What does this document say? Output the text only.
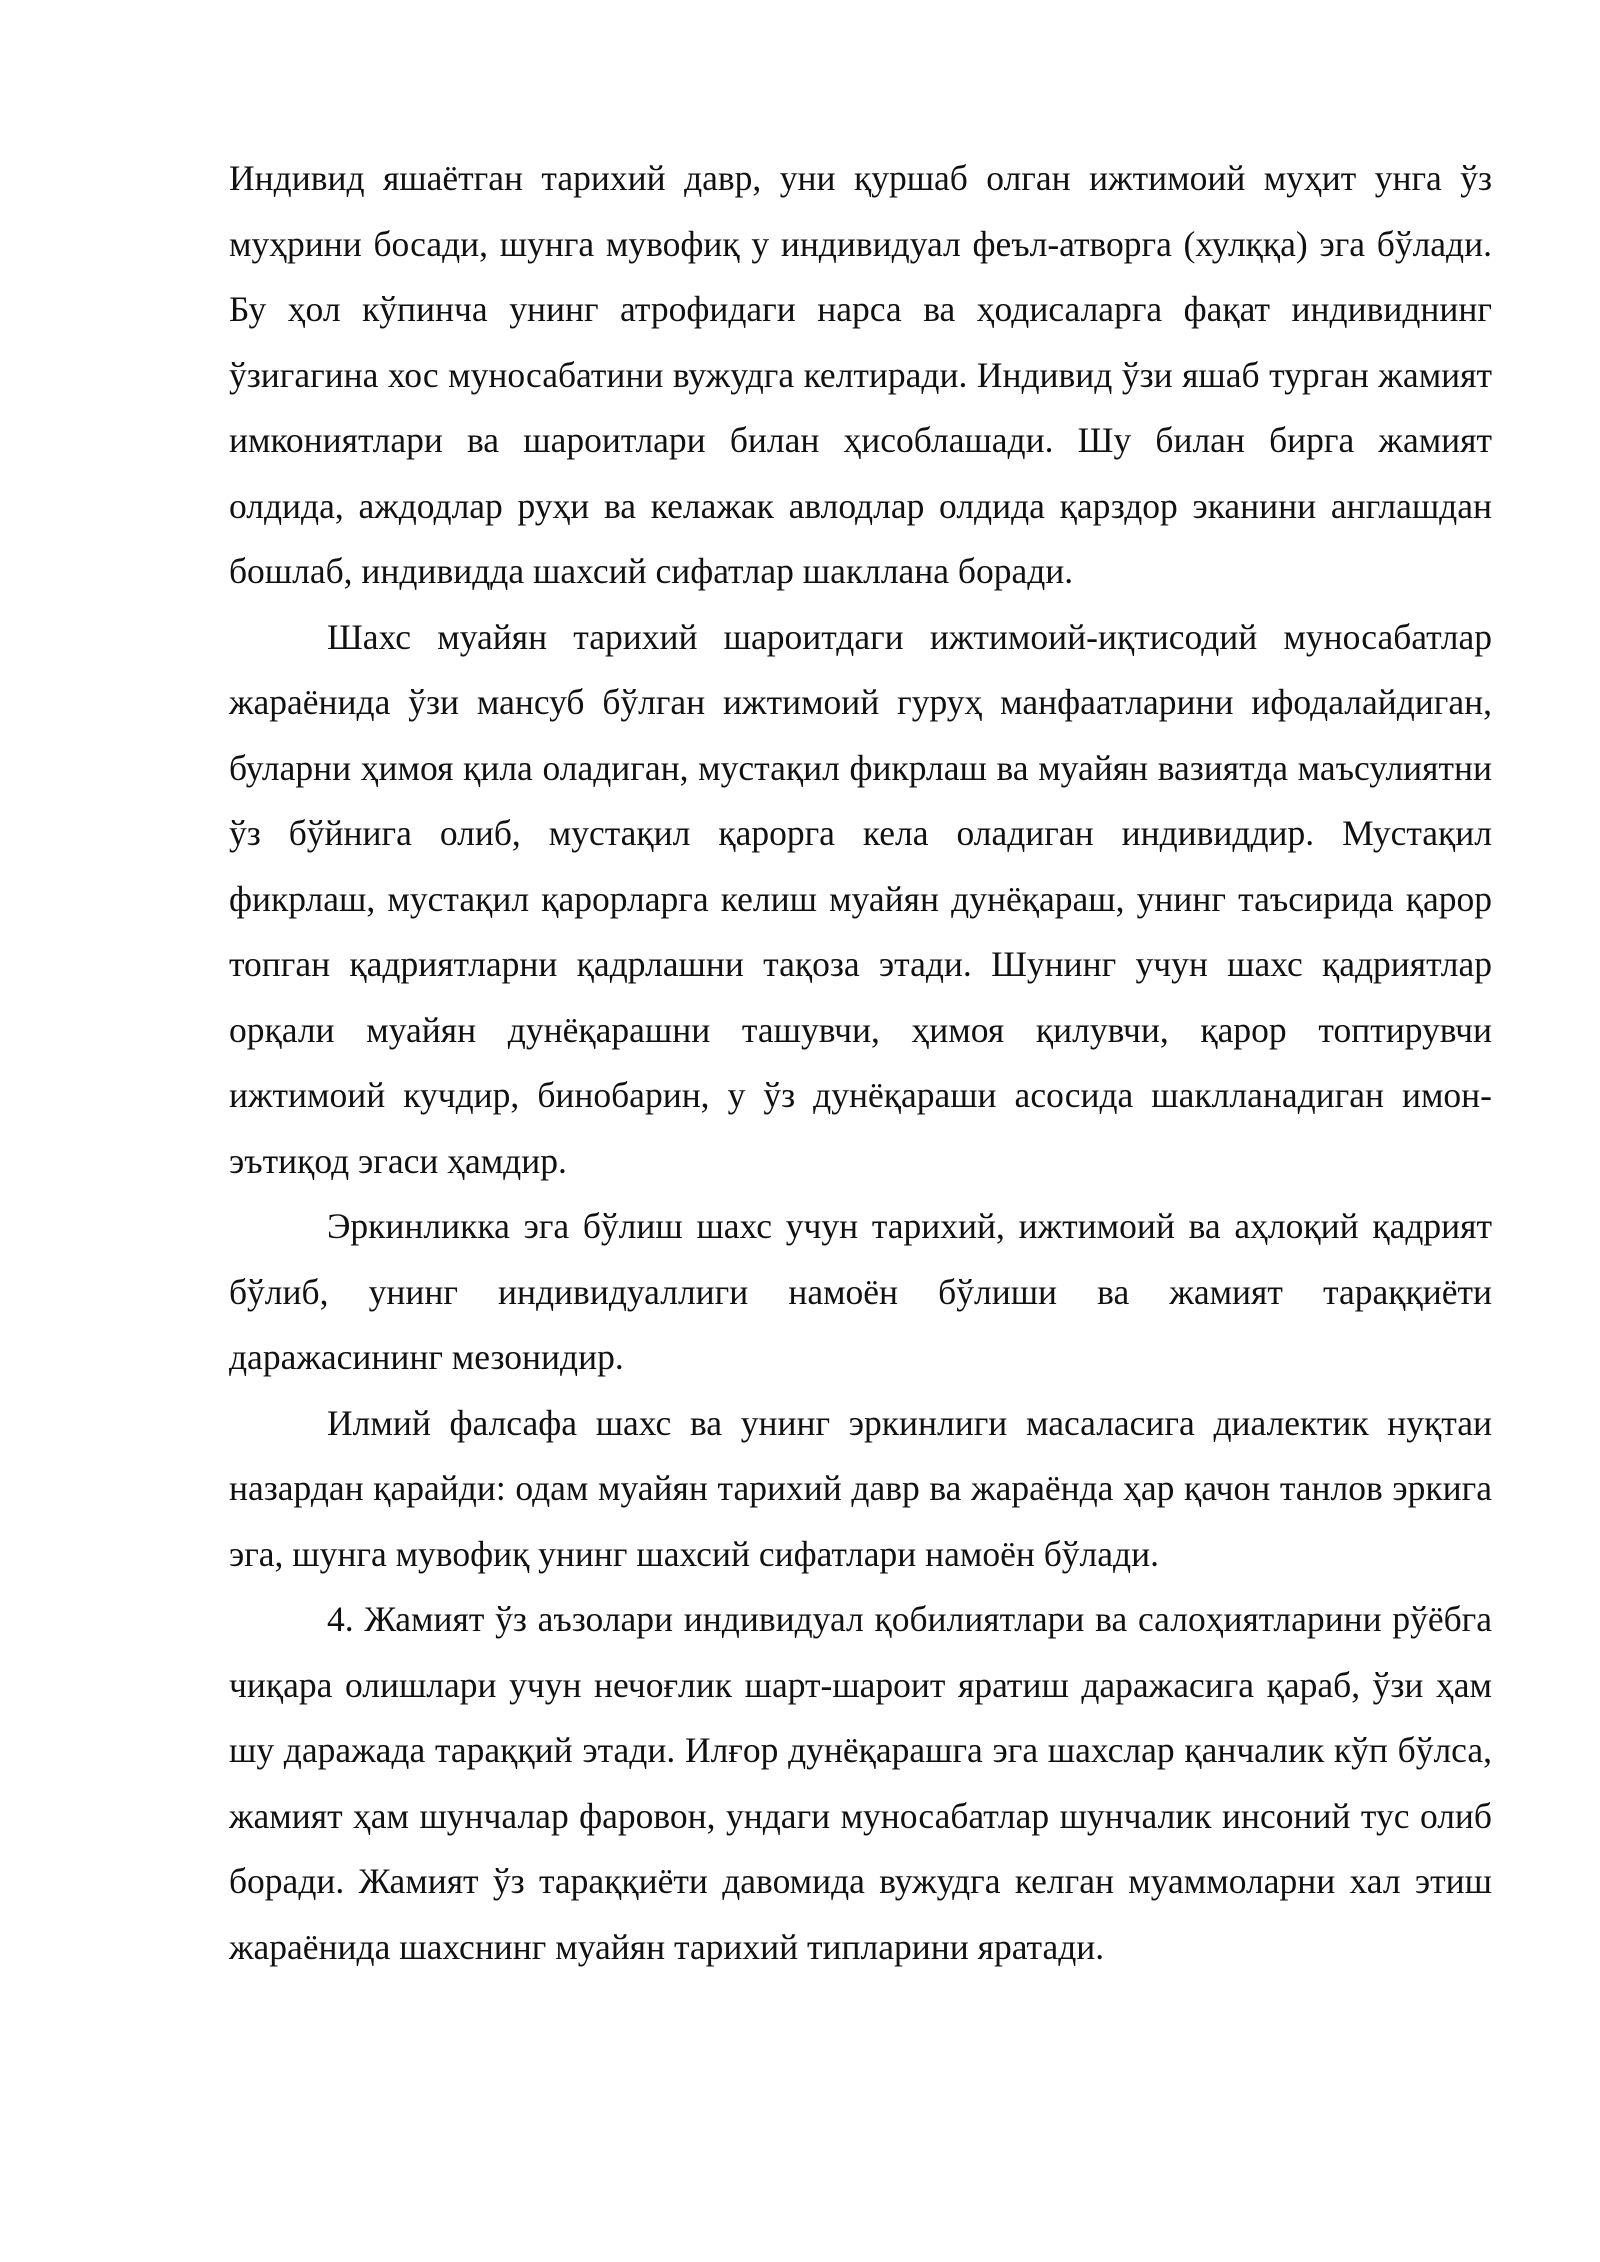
Индивид яшаётган тарихий давр, уни қуршаб олган ижтимоий муҳит унга ўз муҳрини босади, шунга мувофиқ у индивидуал феъл-атворга (хулққа) эга бўлади. Бу ҳол кўпинча унинг атрофидаги нарса ва ҳодисаларга фақат индивиднинг ўзигагина хос муносабатини вужудга келтиради. Индивид ўзи яшаб турган жамият имкониятлари ва шароитлари билан ҳисоблашади. Шу билан бирга жамият олдида, аждодлар руҳи ва келажак авлодлар олдида қарздор эканини англашдан бошлаб, индивидда шахсий сифатлар шакллана боради.

Шахс муайян тарихий шароитдаги ижтимоий-иқтисодий муносабатлар жараёнида ўзи мансуб бўлган ижтимоий гуруҳ манфаатларини ифодалайдиган, буларни ҳимоя қила оладиган, мустақил фикрлаш ва муайян вазиятда маъсулиятни ўз бўйнига олиб, мустақил қарорга кела оладиган индивиддир. Мустақил фикрлаш, мустақил қарорларга келиш муайян дунёқараш, унинг таъсирида қарор топган қадриятларни қадрлашни тақоза этади. Шунинг учун шахс қадриятлар орқали муайян дунёқарашни ташувчи, ҳимоя қилувчи, қарор топтирувчи ижтимоий кучдир, бинобарин, у ўз дунёқараши асосида шаклланадиган имон-эътиқод эгаси ҳамдир.

Эркинликка эга бўлиш шахс учун тарихий, ижтимоий ва аҳлоқий қадрият бўлиб, унинг индивидуаллиги намоён бўлиши ва жамият тараққиёти даражасининг мезонидир.

Илмий фалсафа шахс ва унинг эркинлиги масаласига диалектик нуқтаи назардан қарайди: одам муайян тарихий давр ва жараёнда ҳар қачон танлов эркига эга, шунга мувофиқ унинг шахсий сифатлари намоён бўлади.

4. Жамият ўз аъзолари индивидуал қобилиятлари ва салоҳиятларини рўёбга чиқара олишлари учун нечоғлик шарт-шароит яратиш даражасига қараб, ўзи ҳам шу даражада тараққий этади. Илғор дунёқарашга эга шахслар қанчалик кўп бўлса, жамият ҳам шунчалар фаровон, ундаги муносабатлар шунчалик инсоний тус олиб боради. Жамият ўз тараққиёти давомида вужудга келган муаммоларни хал этиш жараёнида шахснинг муайян тарихий типларини яратади.
